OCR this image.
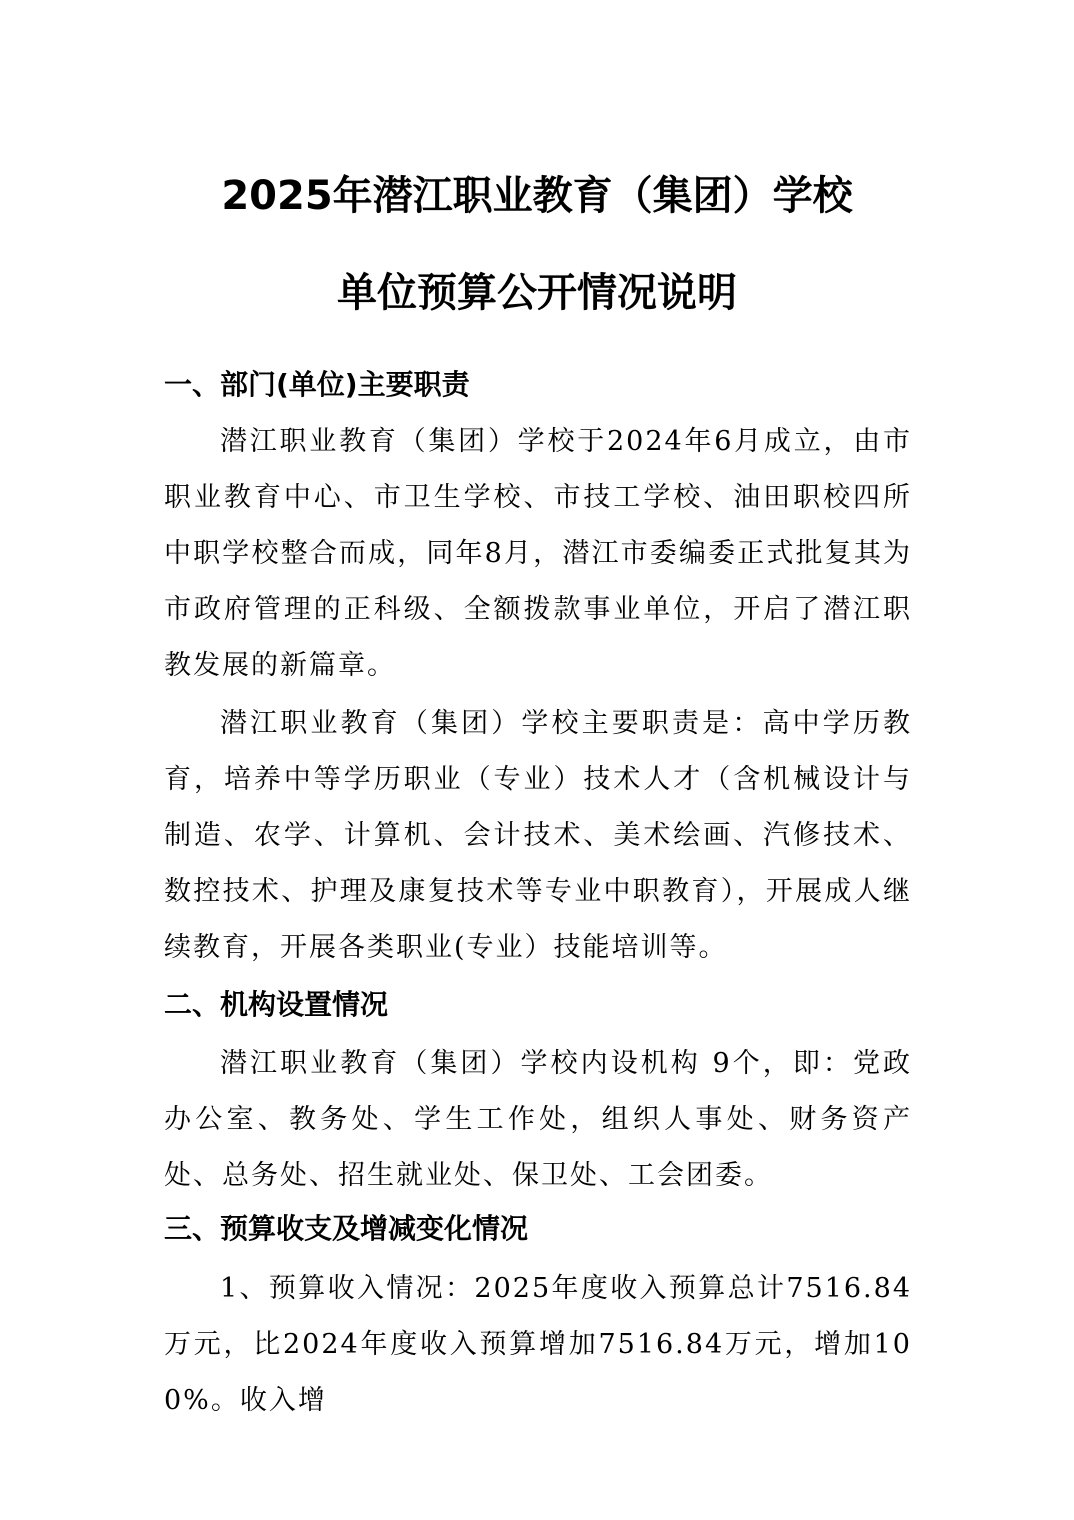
2025年潜江职业教育（集团）学校
单位预算公开情况说明
一、部门(单位)主要职责

潜江职业教育（集团）学校于2024年6月成立，由市职业教育中心、市卫生学校、市技工学校、油田职校四所中职学校整合而成，同年8月，潜江市委编委正式批复其为市政府管理的正科级、全额拨款事业单位，开启了潜江职教发展的新篇章。

潜江职业教育（集团）学校主要职责是：高中学历教育，培养中等学历职业（专业）技术人才（含机械设计与制造、农学、计算机、会计技术、美术绘画、汽修技术、数控技术、护理及康复技术等专业中职教育），开展成人继续教育，开展各类职业(专业）技能培训等。

二、机构设置情况

潜江职业教育（集团）学校内设机构 9个，即：党政办公室、教务处、学生工作处，组织人事处、财务资产处、总务处、招生就业处、保卫处、工会团委。

三、预算收支及增减变化情况

1、预算收入情况：2025年度收入预算总计7516.84万元，比2024年度收入预算增加7516.84万元，增加100%。收入增
